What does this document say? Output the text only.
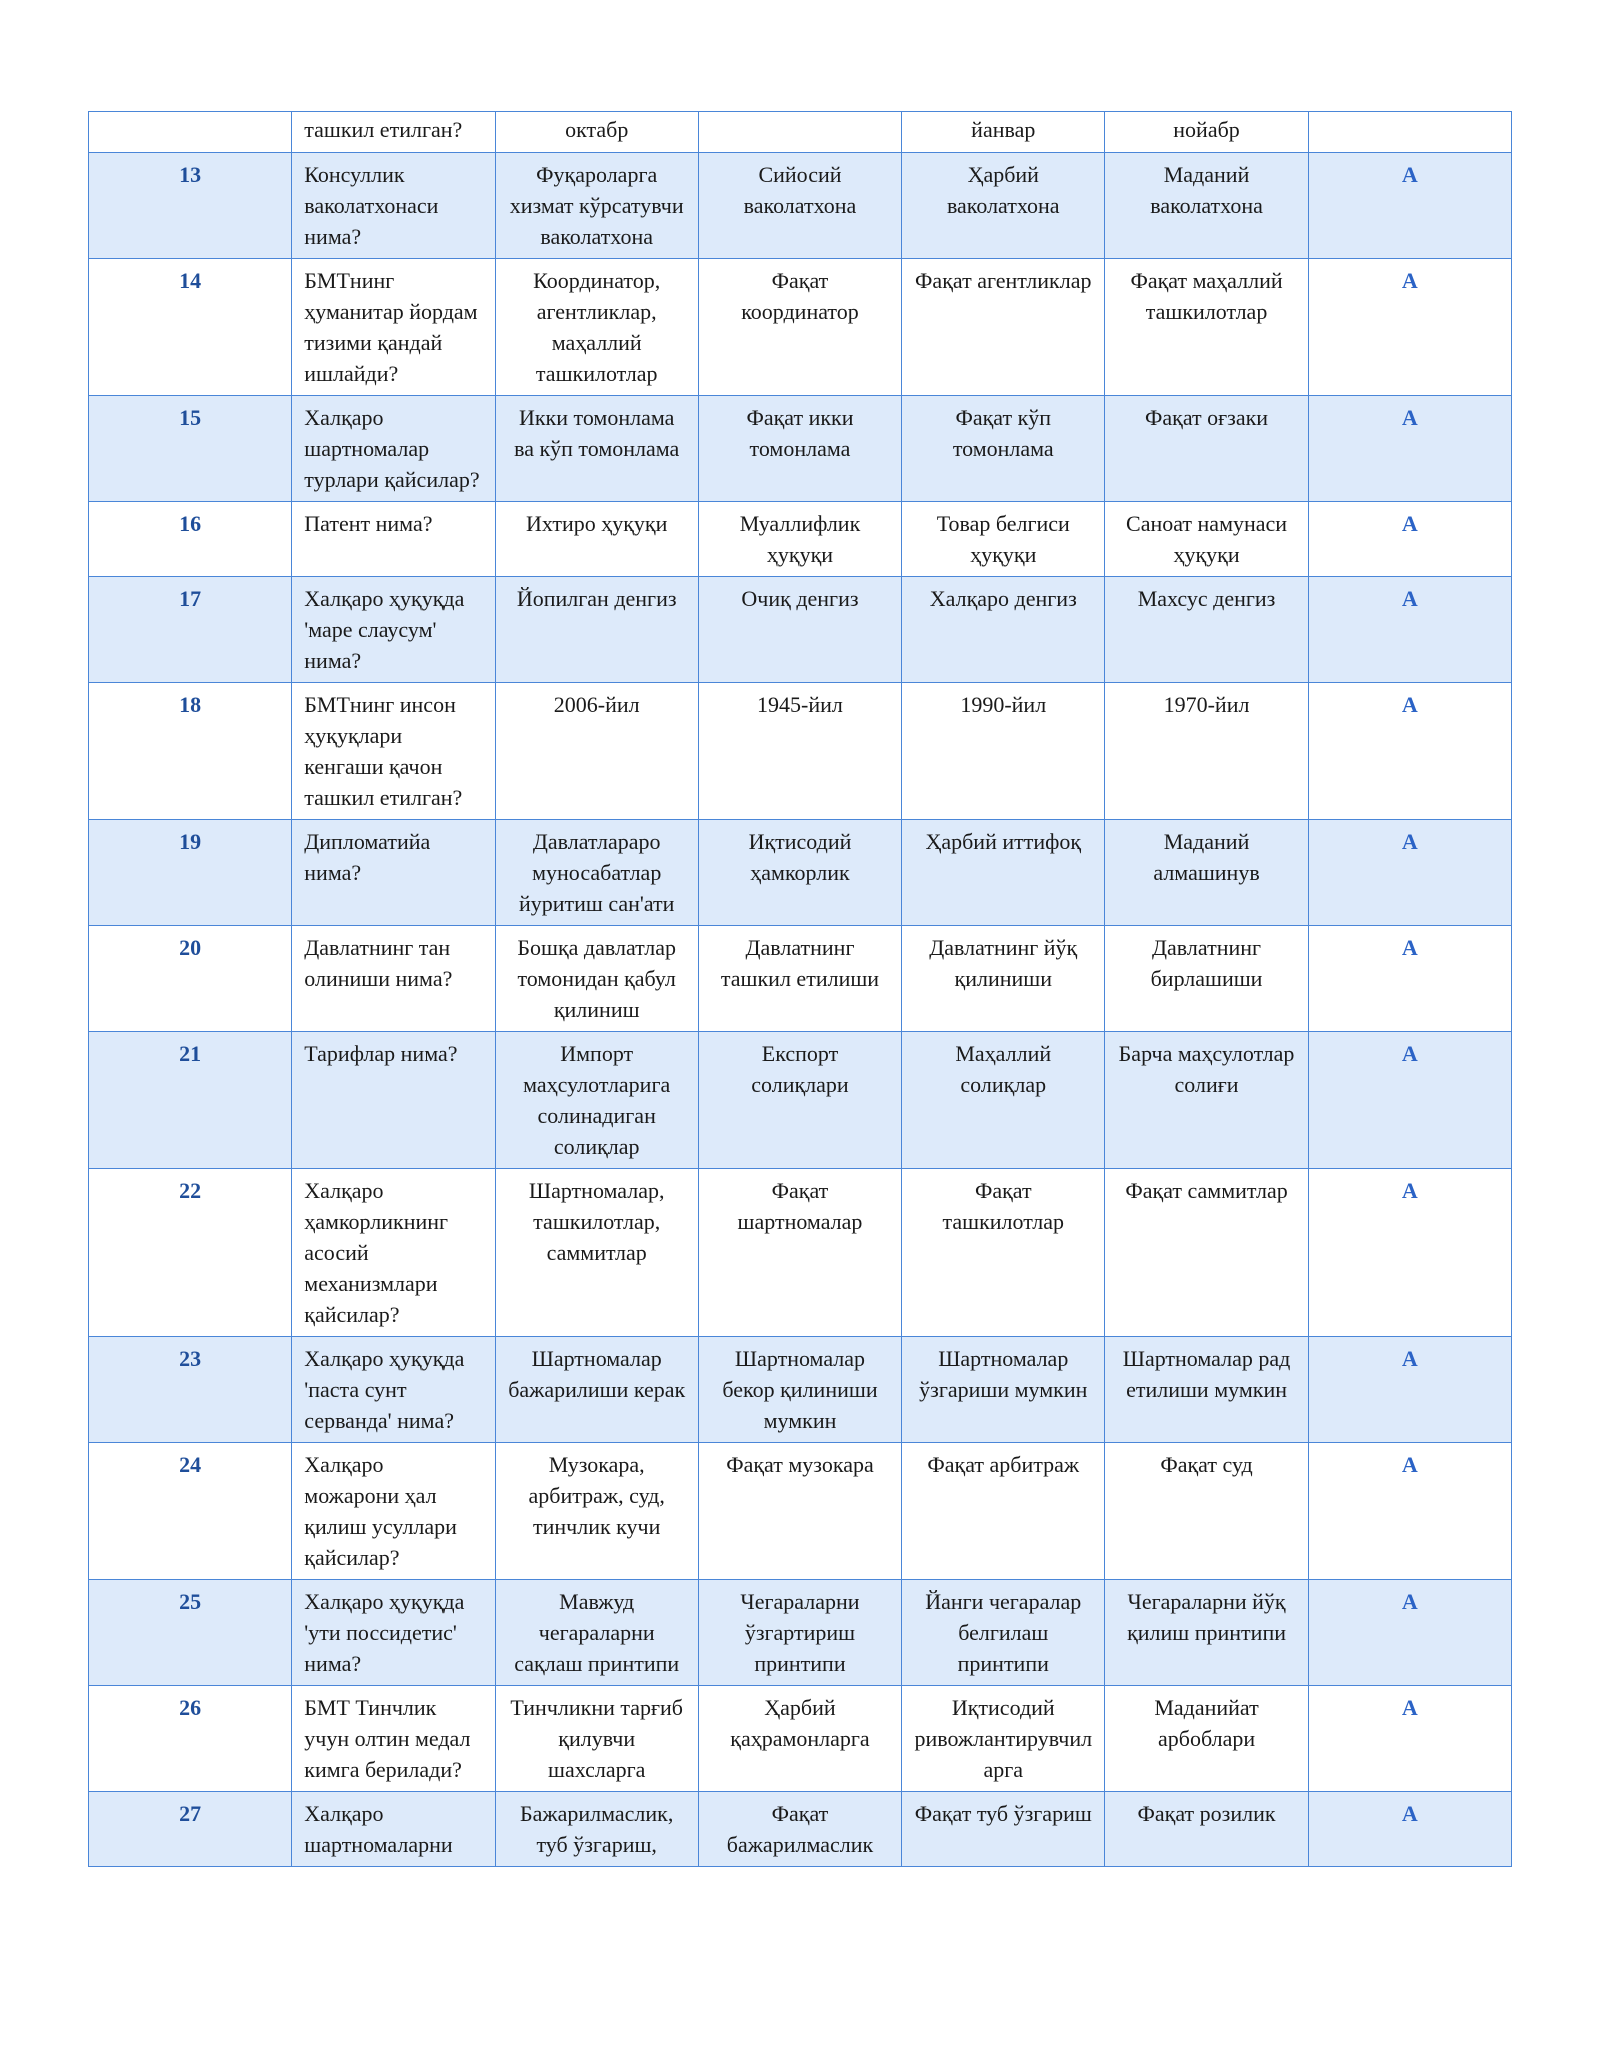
	ташкил етилган?	октабр		йанвар	нойабр	
13	Консуллик ваколатхонаси нима?	Фуқароларга хизмат кўрсатувчи ваколатхона	Сийосий ваколатхона	Ҳарбий ваколатхона	Маданий ваколатхона	A
14	БМТнинг ҳуманитар йордам тизими қандай ишлайди?	Координатор, агентликлар, маҳаллий ташкилотлар	Фақат координатор	Фақат агентликлар	Фақат маҳаллий ташкилотлар	A
15	Халқаро шартномалар турлари қайсилар?	Икки томонлама ва кўп томонлама	Фақат икки томонлама	Фақат кўп томонлама	Фақат оғзаки	A
16	Патент нима?	Ихтиро ҳуқуқи	Муаллифлик ҳуқуқи	Товар белгиси ҳуқуқи	Саноат намунаси ҳуқуқи	A
17	Халқаро ҳуқуқда 'маре слаусум' нима?	Йопилган денгиз	Очиқ денгиз	Халқаро денгиз	Махсус денгиз	A
18	БМТнинг инсон ҳуқуқлари кенгаши қачон ташкил етилган?	2006-йил	1945-йил	1990-йил	1970-йил	A
19	Дипломатийа нима?	Давлатлараро муносабатлар йуритиш сан'ати	Иқтисодий ҳамкорлик	Ҳарбий иттифоқ	Маданий алмашинув	A
20	Давлатнинг тан олиниши нима?	Бошқа давлатлар томонидан қабул қилиниш	Давлатнинг ташкил етилиши	Давлатнинг йўқ қилиниши	Давлатнинг бирлашиши	A
21	Тарифлар нима?	Импорт маҳсулотларига солинадиган солиқлар	Експорт солиқлари	Маҳаллий солиқлар	Барча маҳсулотлар солиғи	A
22	Халқаро ҳамкорликнинг асосий механизмлари қайсилар?	Шартномалар, ташкилотлар, саммитлар	Фақат шартномалар	Фақат ташкилотлар	Фақат саммитлар	A
23	Халқаро ҳуқуқда 'паста сунт серванда' нима?	Шартномалар бажарилиши керак	Шартномалар бекор қилиниши мумкин	Шартномалар ўзгариши мумкин	Шартномалар рад етилиши мумкин	A
24	Халқаро можарони ҳал қилиш усуллари қайсилар?	Музокара, арбитраж, суд, тинчлик кучи	Фақат музокара	Фақат арбитраж	Фақат суд	A
25	Халқаро ҳуқуқда 'ути поссидетис' нима?	Мавжуд чегараларни сақлаш принтипи	Чегараларни ўзгартириш принтипи	Йанги чегаралар белгилаш принтипи	Чегараларни йўқ қилиш принтипи	A
26	БМТ Тинчлик учун олтин медал кимга берилади?	Тинчликни тарғиб қилувчи шахсларга	Ҳарбий қаҳрамонларга	Иқтисодий ривожлантирувчиларга	Маданийат арбоблари	A
27	Халқаро шартномаларни	Бажарилмаслик, туб ўзгариш,	Фақат бажарилмаслик	Фақат туб ўзгариш	Фақат розилик	A
